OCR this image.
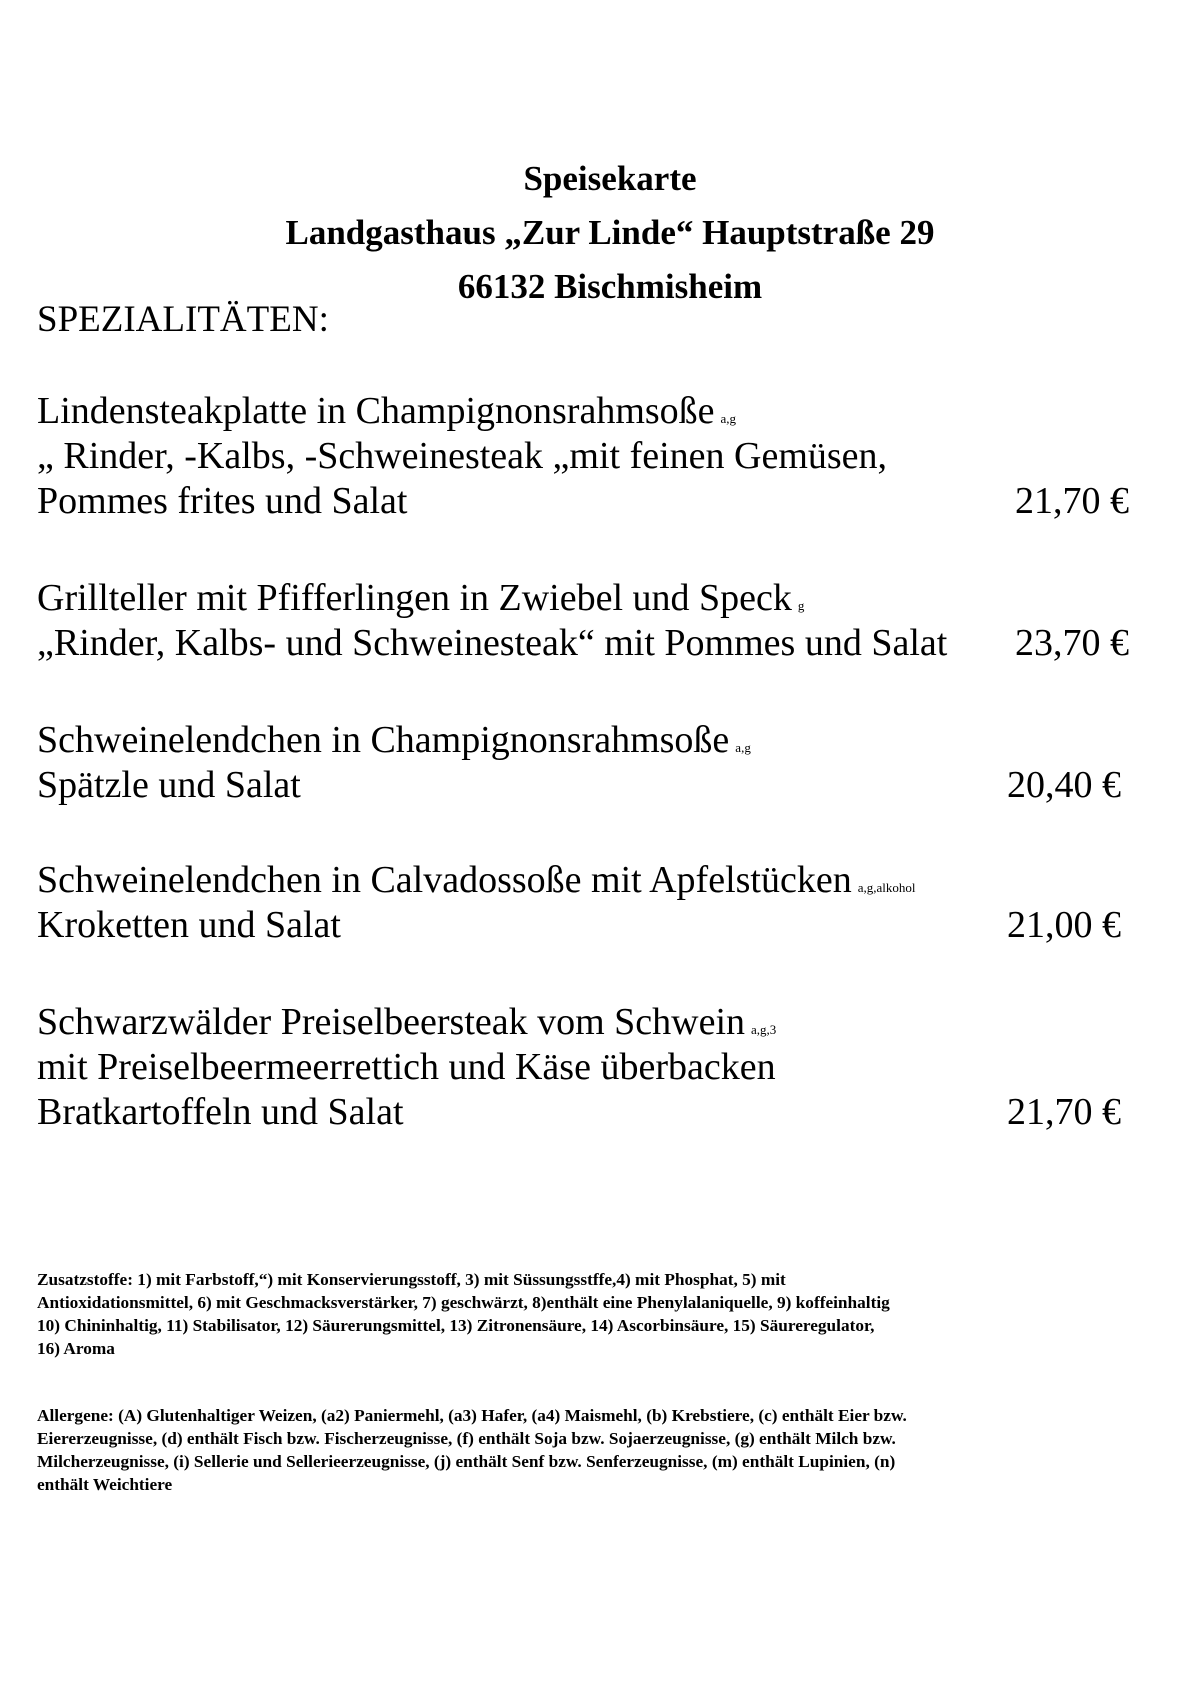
Speisekarte
Landgasthaus „Zur Linde“ Hauptstraße 29
66132 Bischmisheim
SPEZIALITÄTEN:
Lindensteakplatte in Champignonsrahmsoße a,g
„ Rinder, -Kalbs, -Schweinesteak „mit feinen Gemüsen,
Pommes frites und Salat	21,70 €
Grillteller mit Pfifferlingen in Zwiebel und Speck g
„Rinder, Kalbs- und Schweinesteak“ mit Pommes und Salat 23,70 €
Schweinelendchen in Champignonsrahmsoße a,g
Spätzle und Salat	20,40 €
Schweinelendchen in Calvadossoße mit Apfelstücken a,g,alkohol
Kroketten und Salat	21,00 €
Schwarzwälder Preiselbeersteak vom Schwein a,g,3
mit Preiselbeermeerrettich und Käse überbacken
Bratkartoffeln und Salat	21,70 €
Zusatzstoffe: 1) mit Farbstoff,“) mit Konservierungsstoff, 3) mit Süssungsstffe,4) mit Phosphat, 5) mit
Antioxidationsmittel, 6) mit Geschmacksverstärker, 7) geschwärzt, 8)enthält eine Phenylalaniquelle, 9) koffeinhaltig
10) Chininhaltig, 11) Stabilisator, 12) Säurerungsmittel, 13) Zitronensäure, 14) Ascorbinsäure, 15) Säureregulator,
16) Aroma
Allergene: (A) Glutenhaltiger Weizen, (a2) Paniermehl, (a3) Hafer, (a4) Maismehl, (b) Krebstiere, (c) enthält Eier bzw.
Eiererzeugnisse, (d) enthält Fisch bzw. Fischerzeugnisse, (f) enthält Soja bzw. Sojaerzeugnisse, (g) enthält Milch bzw.
Milcherzeugnisse, (i) Sellerie und Sellerieerzeugnisse, (j) enthält Senf bzw. Senferzeugnisse, (m) enthält Lupinien, (n)
enthält Weichtiere
